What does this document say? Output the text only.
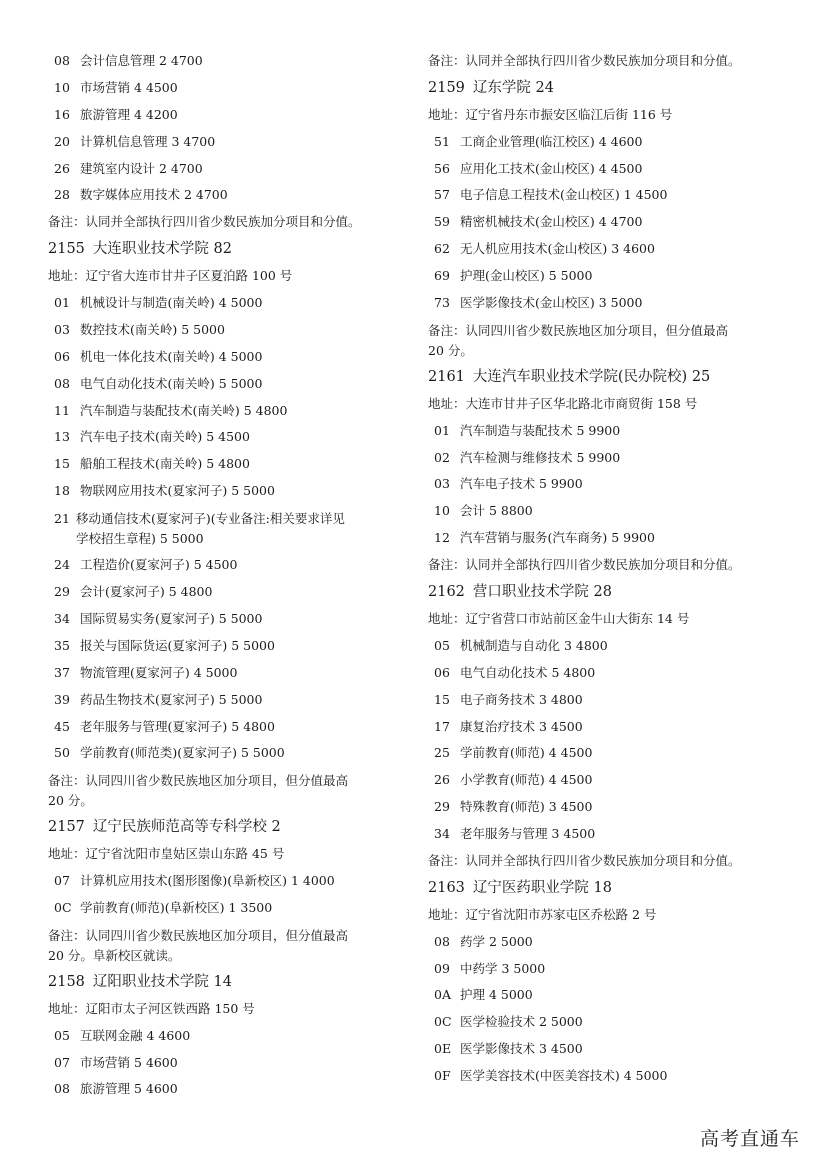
08 会计信息管理 2 4700
10 市场营销 4 4500
16 旅游管理 4 4200
20 计算机信息管理 3 4700
26 建筑室内设计 2 4700
28 数字媒体应用技术 2 4700
备注：认同并全部执行四川省少数民族加分项目和分值。
2155 大连职业技术学院 82
地址：辽宁省大连市甘井子区夏泊路 100 号
01 机械设计与制造(南关岭) 4 5000
03 数控技术(南关岭) 5 5000
06 机电一体化技术(南关岭) 4 5000
08 电气自动化技术(南关岭) 5 5000
11 汽车制造与装配技术(南关岭) 5 4800
13 汽车电子技术(南关岭) 5 4500
15 船舶工程技术(南关岭) 5 4800
18 物联网应用技术(夏家河子) 5 5000
21 移动通信技术(夏家河子)(专业备注:相关要求详见
学校招生章程) 5 5000
24 工程造价(夏家河子) 5 4500
29 会计(夏家河子) 5 4800
34 国际贸易实务(夏家河子) 5 5000
35 报关与国际货运(夏家河子) 5 5000
37 物流管理(夏家河子) 4 5000
39 药品生物技术(夏家河子) 5 5000
45 老年服务与管理(夏家河子) 5 4800
50 学前教育(师范类)(夏家河子) 5 5000
备注：认同四川省少数民族地区加分项目，但分值最高
20 分。
2157 辽宁民族师范高等专科学校 2
地址：辽宁省沈阳市皇姑区崇山东路 45 号
07 计算机应用技术(图形图像)(阜新校区) 1 4000
0C 学前教育(师范)(阜新校区) 1 3500
备注：认同四川省少数民族地区加分项目，但分值最高
20 分。阜新校区就读。
2158 辽阳职业技术学院 14
地址：辽阳市太子河区铁西路 150 号
05 互联网金融 4 4600
07 市场营销 5 4600
08 旅游管理 5 4600
备注：认同并全部执行四川省少数民族加分项目和分值。
2159 辽东学院 24
地址：辽宁省丹东市振安区临江后街 116 号
51 工商企业管理(临江校区) 4 4600
56 应用化工技术(金山校区) 4 4500
57 电子信息工程技术(金山校区) 1 4500
59 精密机械技术(金山校区) 4 4700
62 无人机应用技术(金山校区) 3 4600
69 护理(金山校区) 5 5000
73 医学影像技术(金山校区) 3 5000
备注：认同四川省少数民族地区加分项目，但分值最高
20 分。
2161 大连汽车职业技术学院(民办院校) 25
地址：大连市甘井子区华北路北市商贸街 158 号
01 汽车制造与装配技术 5 9900
02 汽车检测与维修技术 5 9900
03 汽车电子技术 5 9900
10 会计 5 8800
12 汽车营销与服务(汽车商务) 5 9900
备注：认同并全部执行四川省少数民族加分项目和分值。
2162 营口职业技术学院 28
地址：辽宁省营口市站前区金牛山大街东 14 号
05 机械制造与自动化 3 4800
06 电气自动化技术 5 4800
15 电子商务技术 3 4800
17 康复治疗技术 3 4500
25 学前教育(师范) 4 4500
26 小学教育(师范) 4 4500
29 特殊教育(师范) 3 4500
34 老年服务与管理 3 4500
备注：认同并全部执行四川省少数民族加分项目和分值。
2163 辽宁医药职业学院 18
地址：辽宁省沈阳市苏家屯区乔松路 2 号
08 药学 2 5000
09 中药学 3 5000
0A 护理 4 5000
0C 医学检验技术 2 5000
0E 医学影像技术 3 4500
0F 医学美容技术(中医美容技术) 4 5000
高考直通车
